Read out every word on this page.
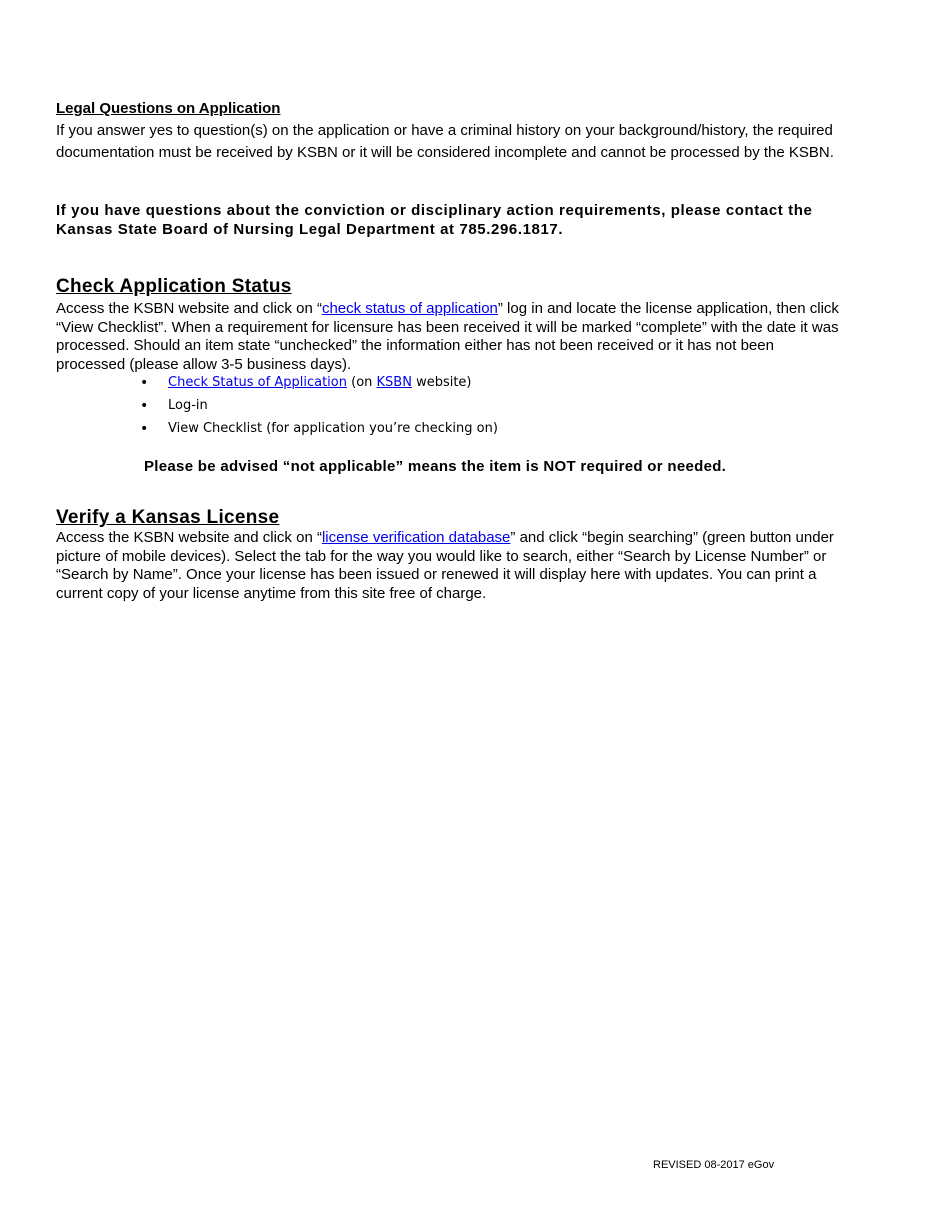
Legal Questions on Application
If you answer yes to question(s) on the application or have a criminal history on your background/history, the required documentation must be received by KSBN or it will be considered incomplete and cannot be processed by the KSBN.
If you have questions about the conviction or disciplinary action requirements, please contact the Kansas State Board of Nursing Legal Department at 785.296.1817.
Check Application Status
Access the KSBN website and click on “check status of application” log in and locate the license application, then click “View Checklist”. When a requirement for licensure has been received it will be marked “complete” with the date it was processed. Should an item state “unchecked” the information either has not been received or it has not been processed (please allow 3-5 business days).
• Check Status of Application (on KSBN website)
• Log-in
• View Checklist (for application you’re checking on)
Please be advised “not applicable” means the item is NOT required or needed.
Verify a Kansas License
Access the KSBN website and click on “license verification database” and click “begin searching” (green button under picture of mobile devices). Select the tab for the way you would like to search, either “Search by License Number” or “Search by Name”. Once your license has been issued or renewed it will display here with updates. You can print a current copy of your license anytime from this site free of charge.
REVISED 08-2017 eGov
